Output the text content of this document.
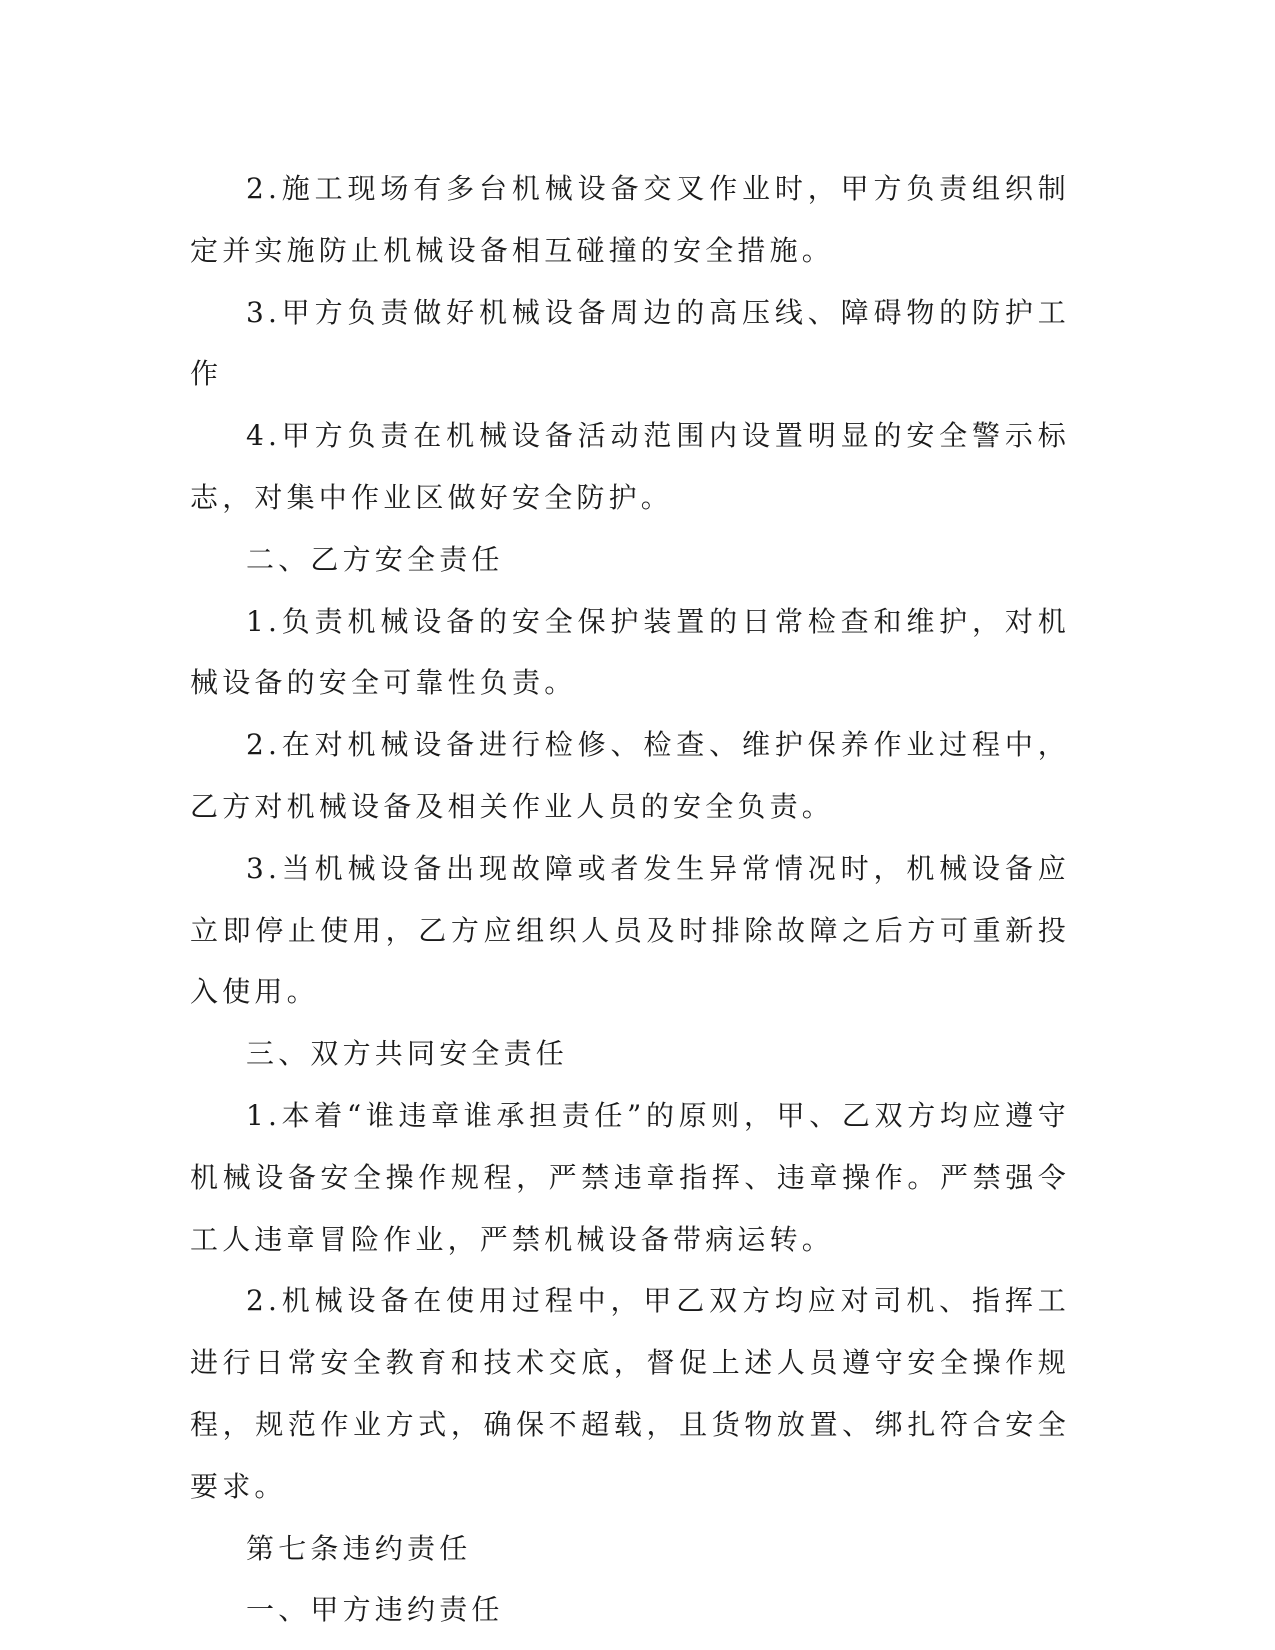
2.施工现场有多台机械设备交叉作业时，甲方负责组织制定并实施防止机械设备相互碰撞的安全措施。

3.甲方负责做好机械设备周边的高压线、障碍物的防护工作

4.甲方负责在机械设备活动范围内设置明显的安全警示标志，对集中作业区做好安全防护。

二、乙方安全责任

1.负责机械设备的安全保护装置的日常检查和维护，对机械设备的安全可靠性负责。

2.在对机械设备进行检修、检查、维护保养作业过程中，乙方对机械设备及相关作业人员的安全负责。

3.当机械设备出现故障或者发生异常情况时，机械设备应立即停止使用，乙方应组织人员及时排除故障之后方可重新投入使用。

三、双方共同安全责任

1.本着“谁违章谁承担责任”的原则，甲、乙双方均应遵守机械设备安全操作规程，严禁违章指挥、违章操作。严禁强令工人违章冒险作业，严禁机械设备带病运转。

2.机械设备在使用过程中，甲乙双方均应对司机、指挥工进行日常安全教育和技术交底，督促上述人员遵守安全操作规程，规范作业方式，确保不超载，且货物放置、绑扎符合安全要求。

第七条违约责任

一、甲方违约责任
